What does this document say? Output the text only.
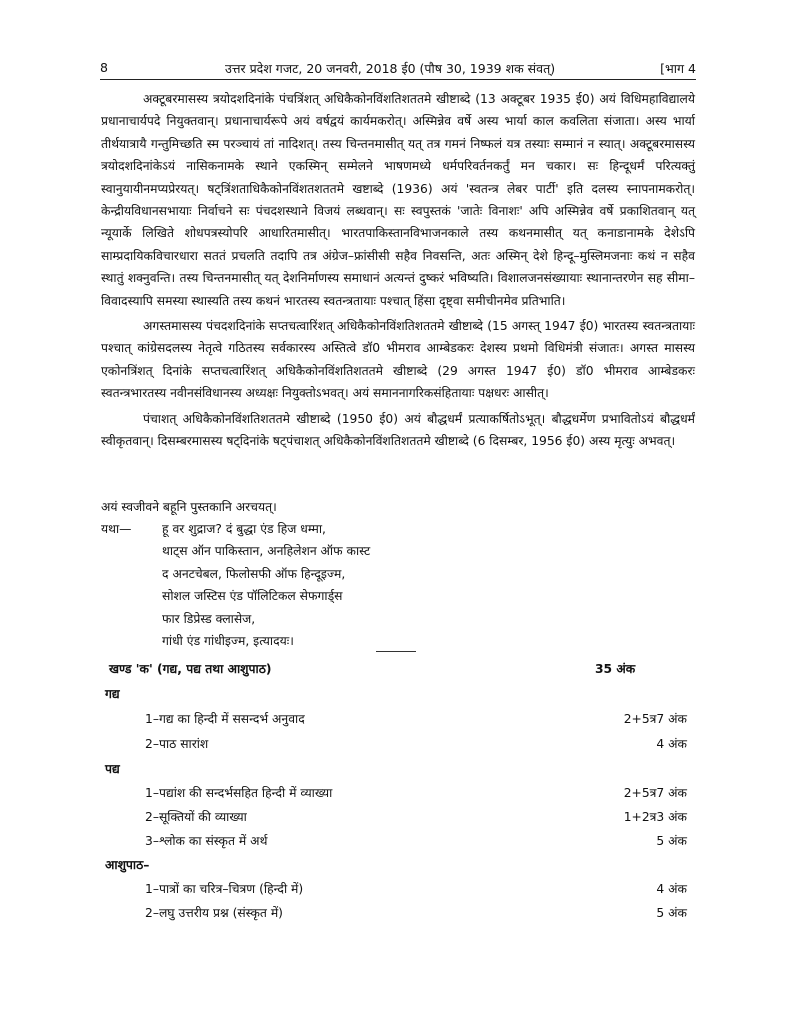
8	उत्तर प्रदेश गजट, 20 जनवरी, 2018 ई0 (पौष 30, 1939 शक संवत्)	[भाग 4

अक्टूबरमासस्य त्रयोदशदिनांके पंचत्रिंशत् अधिकैकोनविंशतिशततमे खीष्टाब्दे (13 अक्टूबर 1935 ई0) अयं विधिमहाविद्यालये प्रधानाचार्यपदे नियुक्तवान्। प्रधानाचार्यरूपे अयं वर्षद्वयं कार्यमकरोत्। अस्मिन्नेव वर्षे अस्य भार्या काल कवलिता संजाता। अस्य भार्या तीर्थयात्रायै गन्तुमिच्छति स्म परञ्चायं तां नादिशत्। तस्य चिन्तनमासीत् यत् तत्र गमनं निष्फलं यत्र तस्याः सम्मानं न स्यात्। अक्टूबरमासस्य त्रयोदशदिनांकेऽयं नासिकनामके स्थाने एकस्मिन् सम्मेलने भाषणमध्ये धर्मपरिवर्तनकर्तुं मन चकार। सः हिन्दूधर्मं परित्यक्तुं स्वानुयायीनमप्यप्रेरयत्। षट्त्रिंशताधिकैकोनविंशतशततमे खष्टाब्दे (1936) अयं 'स्वतन्त्र लेबर पार्टी' इति दलस्य स्नापनामकरोत्। केन्द्रीयविधानसभायाः निर्वाचने सः पंचदशस्थाने विजयं लब्धवान्। सः स्वपुस्तकं 'जातेः विनाशः' अपि अस्मिन्नेव वर्षे प्रकाशितवान् यत् न्यूयार्के लिखिते शोधपत्रस्योपरि आधारितमासीत्। भारतपाकिस्तानविभाजनकाले तस्य कथनमासीत् यत् कनाडानामके देशेऽपि साम्प्रदायिकविचारधारा सततं प्रचलति तदापि तत्र अंग्रेज–फ्रांसीसी सहैव निवसन्ति, अतः अस्मिन् देशे हिन्दू–मुस्लिमजनाः कथं न सहैव स्थातुं शक्नुवन्ति। तस्य चिन्तनमासीत् यत् देशनिर्माणस्य समाधानं अत्यन्तं दुष्करं भविष्यति। विशालजनसंख्यायाः स्थानान्तरणेन सह सीमा–विवादस्यापि समस्या स्थास्यति तस्य कथनं भारतस्य स्वतन्त्रतायाः पश्चात् हिंसा दृष्ट्वा समीचीनमेव प्रतिभाति।

अगस्तमासस्य पंचदशदिनांके सप्तचत्वारिंशत् अधिकैकोनविंशतिशततमे खीष्टाब्दे (15 अगस्त् 1947 ई0) भारतस्य स्वतन्त्रतायाः पश्चात् कांग्रेसदलस्य नेतृत्वे गठितस्य सर्वकारस्य अस्तित्वे डॉ0 भीमराव आम्बेडकरः देशस्य प्रथमो विधिमंत्री संजातः। अगस्त मासस्य एकोनत्रिंशत् दिनांके सप्तचत्वारिंशत् अधिकैकोनविंशतिशततमे खीष्टाब्दे (29 अगस्त 1947 ई0) डॉ0 भीमराव आम्बेडकरः स्वतन्त्रभारतस्य नवीनसंविधानस्य अध्यक्षः नियुक्तोऽभवत्। अयं समाननागरिकसंहितायाः पक्षधरः आसीत्।

पंचाशत् अधिकैकोनविंशतिशततमे खीष्टाब्दे (1950 ई0) अयं बौद्धधर्मं प्रत्याकर्षितोऽभूत्। बौद्धधर्मेण प्रभावितोऽयं बौद्धधर्मं स्वीकृतवान्। दिसम्बरमासस्य षट्दिनांके षट्पंचाशत् अधिकैकोनविंशतिशततमे खीष्टाब्दे (6 दिसम्बर, 1956 ई0) अस्य मृत्युः अभवत्।

अयं स्वजीवने बहूनि पुस्तकानि अरचयत्।
यथा— हू वर शुद्राज? दं बुद्धा एंड हिज धम्मा,
थाट्स ऑन पाकिस्तान, अनहिलेशन ऑफ कास्ट
द अनटचेबल, फिलोसफी ऑफ हिन्दूइज्म,
सोशल जस्टिस एंड पॉलिटिकल सेफगार्ड्स
फार डिप्रेस्ड क्लासेज,
गांधी एंड गांधीइज्म, इत्यादयः।
खण्ड 'क' (गद्य, पद्य तथा आशुपाठ)	35 अंक
गद्य
1–गद्य का हिन्दी में ससन्दर्भ अनुवाद	2+5त्र7 अंक
2–पाठ सारांश	4 अंक
पद्य
1–पद्यांश की सन्दर्भसहित हिन्दी में व्याख्या	2+5त्र7 अंक
2–सूक्तियों की व्याख्या	1+2त्र3 अंक
3–श्लोक का संस्कृत में अर्थ	5 अंक
आशुपाठ–
1–पात्रों का चरित्र–चित्रण (हिन्दी में)	4 अंक
2–लघु उत्तरीय प्रश्न (संस्कृत में)	5 अंक
